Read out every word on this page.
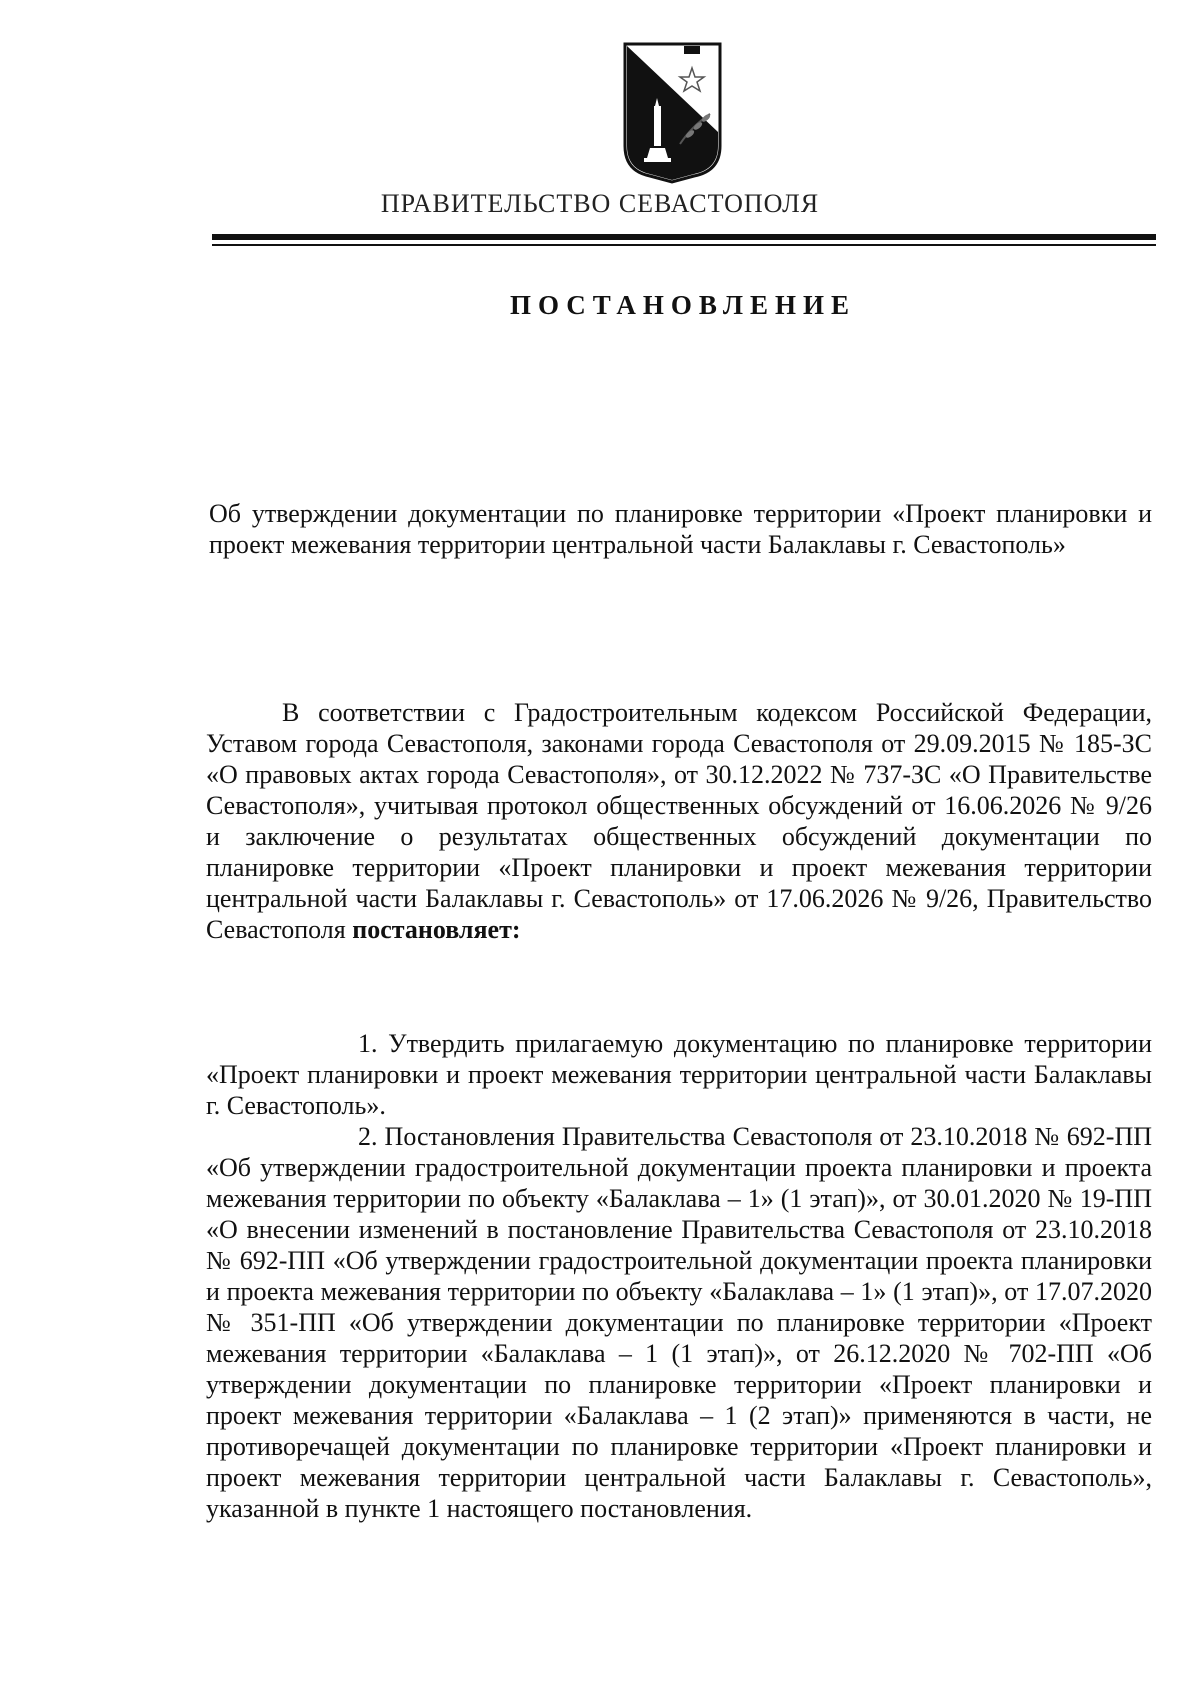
ПРАВИТЕЛЬСТВО СЕВАСТОПОЛЯ
ПОСТАНОВЛЕНИЕ
Об утверждении документации по планировке территории «Проект планировки и проект межевания территории центральной части Балаклавы г. Севастополь»
В соответствии с Градостроительным кодексом Российской Федерации, Уставом города Севастополя, законами города Севастополя от 29.09.2015 № 185-ЗС «О правовых актах города Севастополя», от 30.12.2022 № 737-ЗС «О Правительстве Севастополя», учитывая протокол общественных обсуждений от 16.06.2026 № 9/26 и заключение о результатах общественных обсуждений документации по планировке территории «Проект планировки и проект межевания территории центральной части Балаклавы г. Севастополь» от 17.06.2026 № 9/26, Правительство Севастополя постановляет:
1. Утвердить прилагаемую документацию по планировке территории «Проект планировки и проект межевания территории центральной части Балаклавы г. Севастополь».
2. Постановления Правительства Севастополя от 23.10.2018 № 692-ПП «Об утверждении градостроительной документации проекта планировки и проекта межевания территории по объекту «Балаклава – 1» (1 этап)», от 30.01.2020 № 19-ПП «О внесении изменений в постановление Правительства Севастополя от 23.10.2018 № 692-ПП «Об утверждении градостроительной документации проекта планировки и проекта межевания территории по объекту «Балаклава – 1» (1 этап)», от 17.07.2020 № 351-ПП «Об утверждении документации по планировке территории «Проект межевания территории «Балаклава – 1 (1 этап)», от 26.12.2020 № 702-ПП «Об утверждении документации по планировке территории «Проект планировки и проект межевания территории «Балаклава – 1 (2 этап)» применяются в части, не противоречащей документации по планировке территории «Проект планировки и проект межевания территории центральной части Балаклавы г. Севастополь», указанной в пункте 1 настоящего постановления.
